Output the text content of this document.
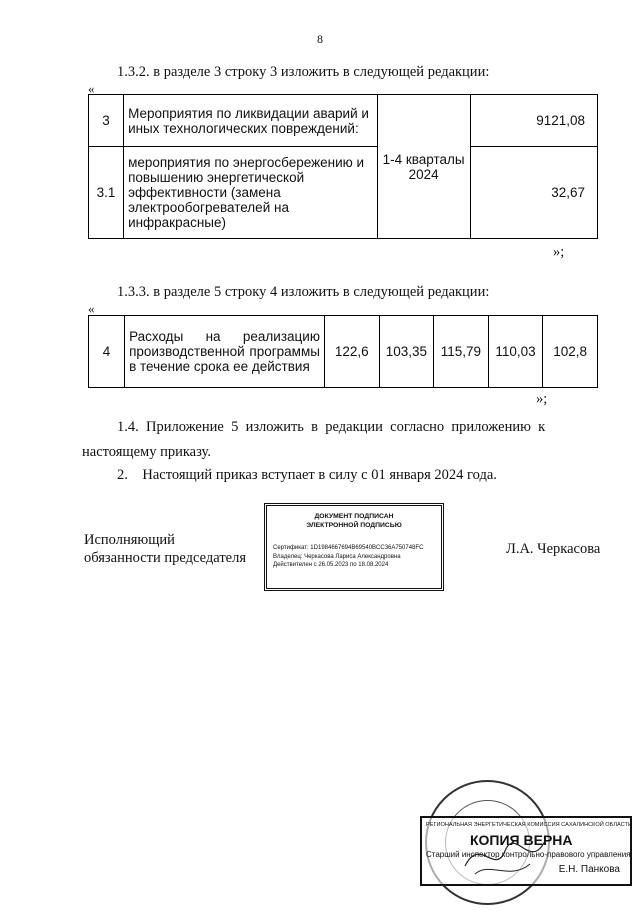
8
1.3.2. в разделе 3 строку 3 изложить в следующей редакции:
«
3	Мероприятия по ликвидации аварий и иных технологических повреждений:	1-4 кварталы 2024	9121,08
3.1	мероприятия по энергосбережению и повышению энергетической эффективности (замена электрообогревателей на инфракрасные)		32,67
»;
1.3.3. в разделе 5 строку 4 изложить в следующей редакции:
«
4	Расходы на реализацию производственной программы в течение срока ее действия	122,6	103,35	115,79	110,03	102,8
»;
1.4.  Приложение  5  изложить  в  редакции  согласно  приложению  к
настоящему приказу.
2.    Настоящий приказ вступает в силу с 01 января 2024 года.
Исполняющий
обязанности председателя
Л.А. Черкасова
ДОКУМЕНТ ПОДПИСАН
ЭЛЕКТРОННОЙ ПОДПИСЬЮ
Сертификат: 1D1984667694B69540BCC36A750748FC
Владелец: Черкасова Лариса Александровна
Действителен с 26.05.2023 по 18.08.2024
РЕГИОНАЛЬНАЯ ЭНЕРГЕТИЧЕСКАЯ КОМИССИЯ САХАЛИНСКОЙ ОБЛАСТИ
КОПИЯ ВЕРНА
Старший инспектор контрольно-правового управления
Е.Н. Панкова
